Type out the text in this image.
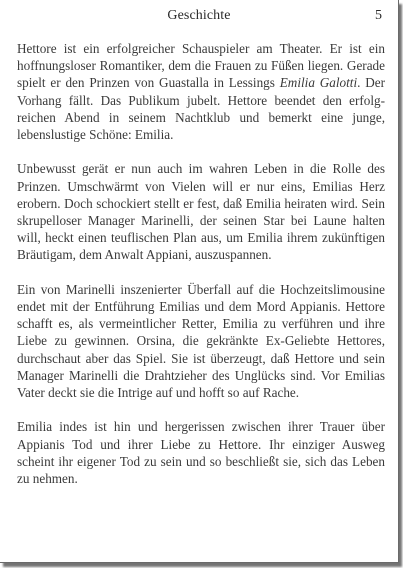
Geschichte	5

Hettore ist ein erfolgreicher Schauspieler am Theater. Er ist ein hoffnungsloser Romantiker, dem die Frauen zu Füßen liegen. Gerade spielt er den Prinzen von Guastalla in Lessings Emilia Galotti. Der Vorhang fällt. Das Publikum jubelt. Hettore beendet den erfolgreichen Abend in seinem Nachtklub und bemerkt eine junge, lebenslustige Schöne: Emilia.

Unbewusst gerät er nun auch im wahren Leben in die Rolle des Prinzen. Umschwärmt von Vielen will er nur eins, Emilias Herz erobern. Doch schockiert stellt er fest, daß Emilia heiraten wird. Sein skrupelloser Manager Marinelli, der seinen Star bei Laune halten will, heckt einen teuflischen Plan aus, um Emilia ihrem zukünftigen Bräutigam, dem Anwalt Appiani, auszuspannen.

Ein von Marinelli inszenierter Überfall auf die Hochzeitslimousine endet mit der Entführung Emilias und dem Mord Appianis. Hettore schafft es, als vermeintlicher Retter, Emilia zu verführen und ihre Liebe zu gewinnen. Orsina, die gekränkte Ex-Geliebte Hettores, durchschaut aber das Spiel. Sie ist überzeugt, daß Hettore und sein Manager Marinelli die Drahtzieher des Unglücks sind. Vor Emilias Vater deckt sie die Intrige auf und hofft so auf Rache.

Emilia indes ist hin und hergerissen zwischen ihrer Trauer über Appianis Tod und ihrer Liebe zu Hettore. Ihr einziger Ausweg scheint ihr eigener Tod zu sein und so beschließt sie, sich das Leben zu nehmen.
